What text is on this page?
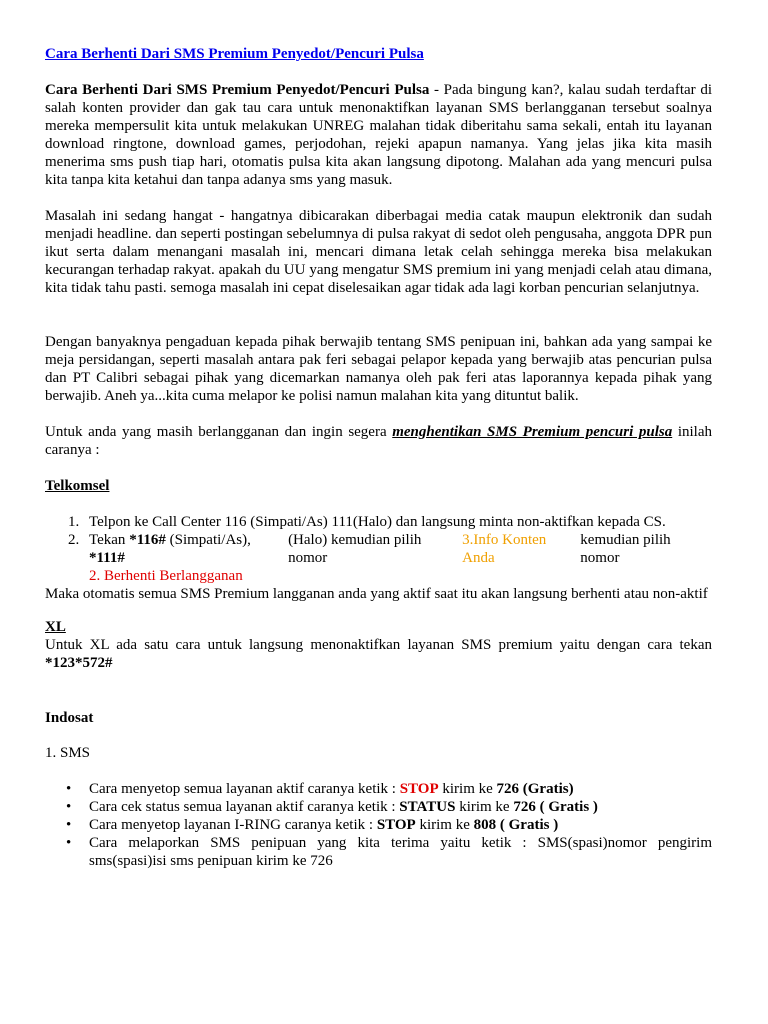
Cara Berhenti Dari SMS Premium Penyedot/Pencuri Pulsa

Cara Berhenti Dari SMS Premium Penyedot/Pencuri Pulsa - Pada bingung kan?, kalau sudah terdaftar di salah konten provider dan gak tau cara untuk menonaktifkan layanan SMS berlangganan tersebut soalnya mereka mempersulit kita untuk melakukan UNREG malahan tidak diberitahu sama sekali, entah itu layanan download ringtone, download games, perjodohan, rejeki apapun namanya. Yang jelas jika kita masih menerima sms push tiap hari, otomatis pulsa kita akan langsung dipotong. Malahan ada yang mencuri pulsa kita tanpa kita ketahui dan tanpa adanya sms yang masuk.

Masalah ini sedang hangat - hangatnya dibicarakan diberbagai media catak maupun elektronik dan sudah menjadi headline. dan seperti postingan sebelumnya di pulsa rakyat di sedot oleh pengusaha, anggota DPR pun ikut serta dalam menangani masalah ini, mencari dimana letak celah sehingga mereka bisa melakukan kecurangan terhadap rakyat. apakah du UU yang mengatur SMS premium ini yang menjadi celah atau dimana, kita tidak tahu pasti. semoga masalah ini cepat diselesaikan agar tidak ada lagi korban pencurian selanjutnya.

Dengan banyaknya pengaduan kepada pihak berwajib tentang SMS penipuan ini, bahkan ada yang sampai ke meja persidangan, seperti masalah antara pak feri sebagai pelapor kepada yang berwajib atas pencurian pulsa dan PT Calibri sebagai pihak yang dicemarkan namanya oleh pak feri atas laporannya kepada pihak yang berwajib. Aneh ya...kita cuma melapor ke polisi namun malahan kita yang dituntut balik.

Untuk anda yang masih berlangganan dan ingin segera menghentikan SMS Premium pencuri pulsa inilah caranya :

Telkomsel

1. Telpon ke Call Center 116 (Simpati/As) 111(Halo) dan langsung minta non-aktifkan kepada CS.

2. Tekan *116# (Simpati/As), *111#
(Halo) kemudian pilih nomor
3.Info Konten Anda
kemudian pilih nomor
2. Berhenti Berlangganan

Maka otomatis semua SMS Premium langganan anda yang aktif saat itu akan langsung berhenti atau non-aktif

XL

Untuk XL ada satu cara untuk langsung menonaktifkan layanan SMS premium yaitu dengan cara tekan *123*572#

Indosat

1. SMS

• Cara menyetop semua layanan aktif caranya ketik : STOP kirim ke 726 (Gratis)

• Cara cek status semua layanan aktif caranya ketik : STATUS kirim ke 726 ( Gratis )

• Cara menyetop layanan I-RING caranya ketik : STOP kirim ke 808 ( Gratis )

• Cara melaporkan SMS penipuan yang kita terima yaitu ketik : SMS(spasi)nomor pengirim sms(spasi)isi sms penipuan kirim ke 726
